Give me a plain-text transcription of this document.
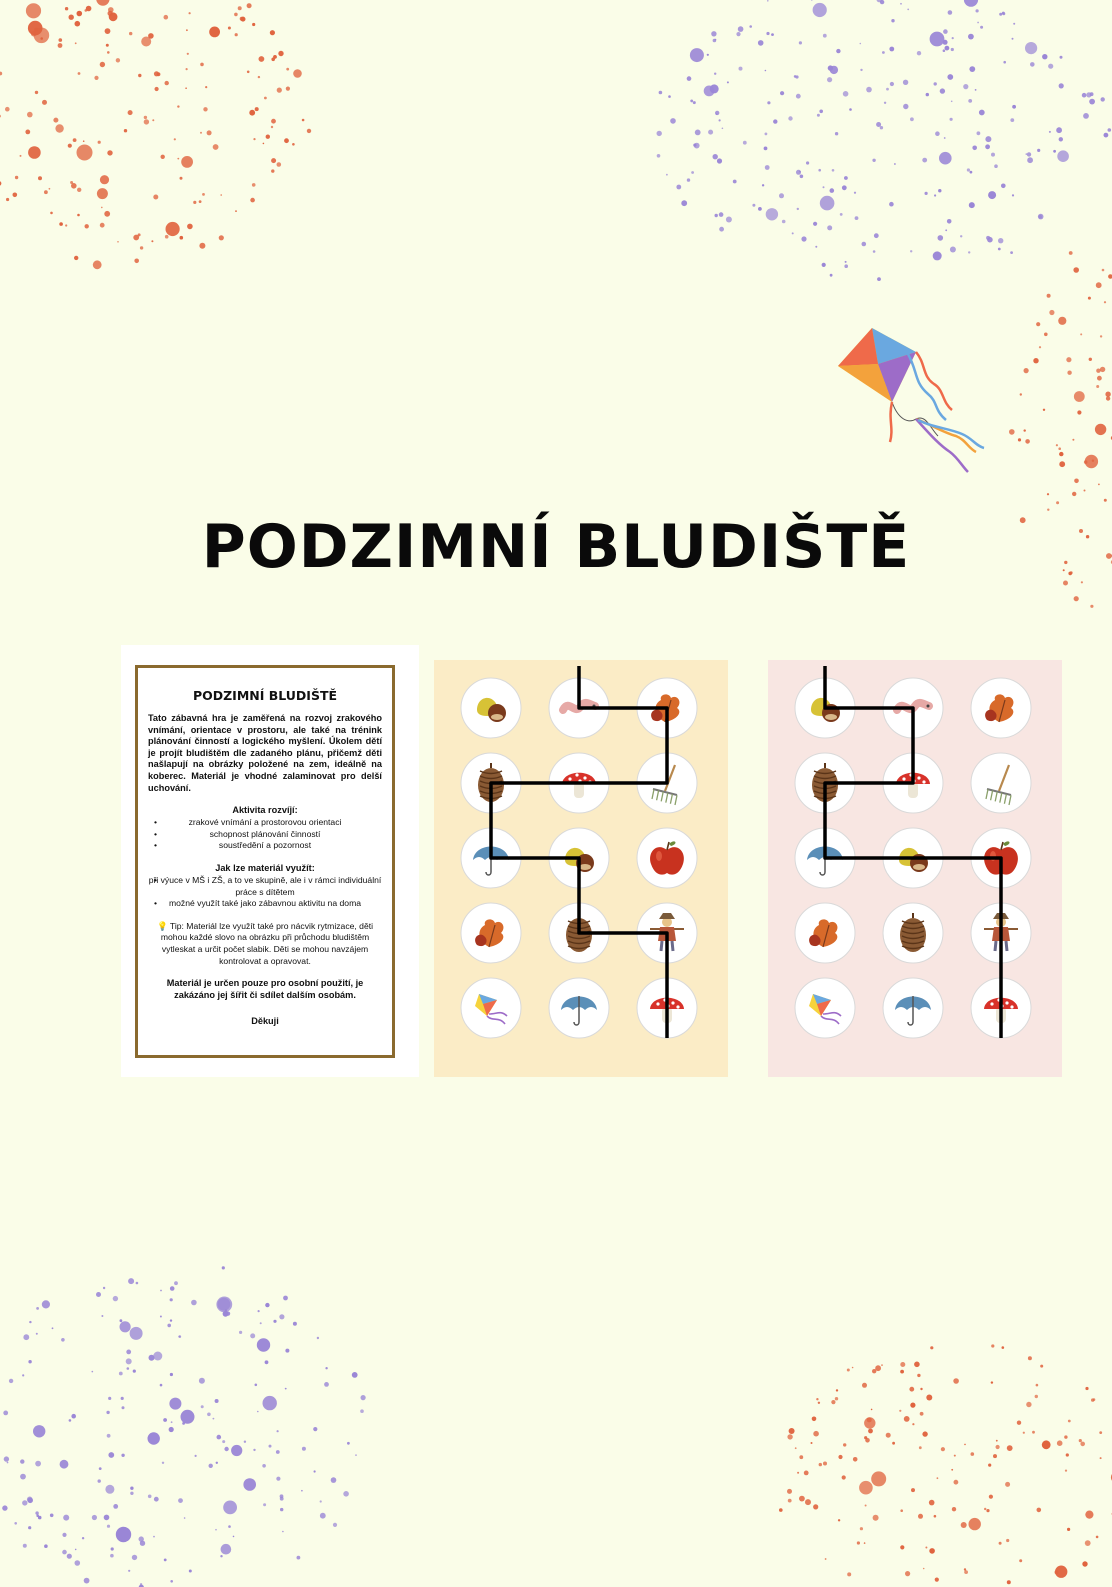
PODZIMNÍ BLUDIŠTĚ
PODZIMNÍ BLUDIŠTĚ

Tato zábavná hra je zaměřená na rozvoj zrakového vnímání, orientace v prostoru, ale také na trénink plánování činností a logického myšlení. Úkolem dětí je projít bludištěm dle zadaného plánu, přičemž děti našlapují na obrázky položené na zem, ideálně na koberec. Materiál je vhodné zalaminovat pro delší uchování.

Aktivita rozvíjí:
• zrakové vnímání a prostorovou orientaci
• schopnost plánování činností
• soustředění a pozornost
Jak lze materiál využít:
• při výuce v MŠ i ZŠ, a to ve skupině, ale i v rámci individuální práce s dítětem
• možné využít také jako zábavnou aktivitu na doma

💡 Tip: Materiál lze využít také pro nácvik rytmizace, děti mohou každé slovo na obrázku při průchodu bludištěm vytleskat a určit počet slabik. Děti se mohou navzájem kontrolovat a opravovat.

Materiál je určen pouze pro osobní použití, je zakázáno jej šířit či sdílet dalším osobám.

Děkuji
